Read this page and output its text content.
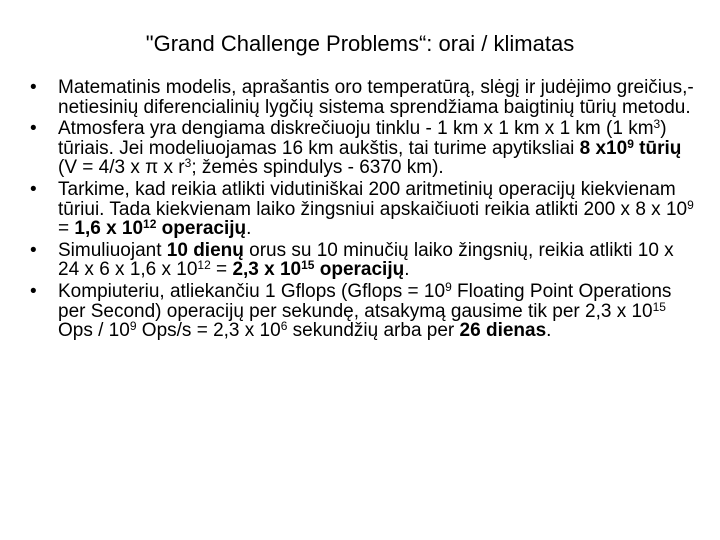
"Grand Challenge Problems“: orai / klimatas
• Matematinis modelis, aprašantis oro temperatūrą, slėgį ir judėjimo greičius,- netiesinių diferencialinių lygčių sistema sprendžiama baigtinių tūrių metodu.
• Atmosfera yra dengiama diskrečiuoju tinklu - 1 km x 1 km x 1 km (1 $km^3$) tūriais. Jei modeliuojamas 16 km aukštis, tai turime apytiksliai 8 $x10^9$ tūrių (V = 4/3 x π x $r^3$; žemės spindulys - 6370 km).
• Tarkime, kad reikia atlikti vidutiniškai 200 aritmetinių operacijų kiekvienam tūriui. Tada kiekvienam laiko žingsniui apskaičiuoti reikia atlikti 200 x 8 x $10^9 = 1,6$ x $10^{12}$ operacijų.
• Simuliuojant 10 dienų orus su 10 minučių laiko žingsnių, reikia atlikti 10 x 24 x 6 x 1,6 x $10^{12} = 2,3$ x $10^{15}$ operacijų.
• Kompiuteriu, atliekančiu 1 Gflops (Gflops = $10^9$ Floating Point Operations per Second) operacijų per sekundę, atsakymą gausime tik per 2,3 x $10^{15}$ Ops / $10^9$ Ops/s = 2,3 x $10^6$ sekundžių arba per 26 dienas.
